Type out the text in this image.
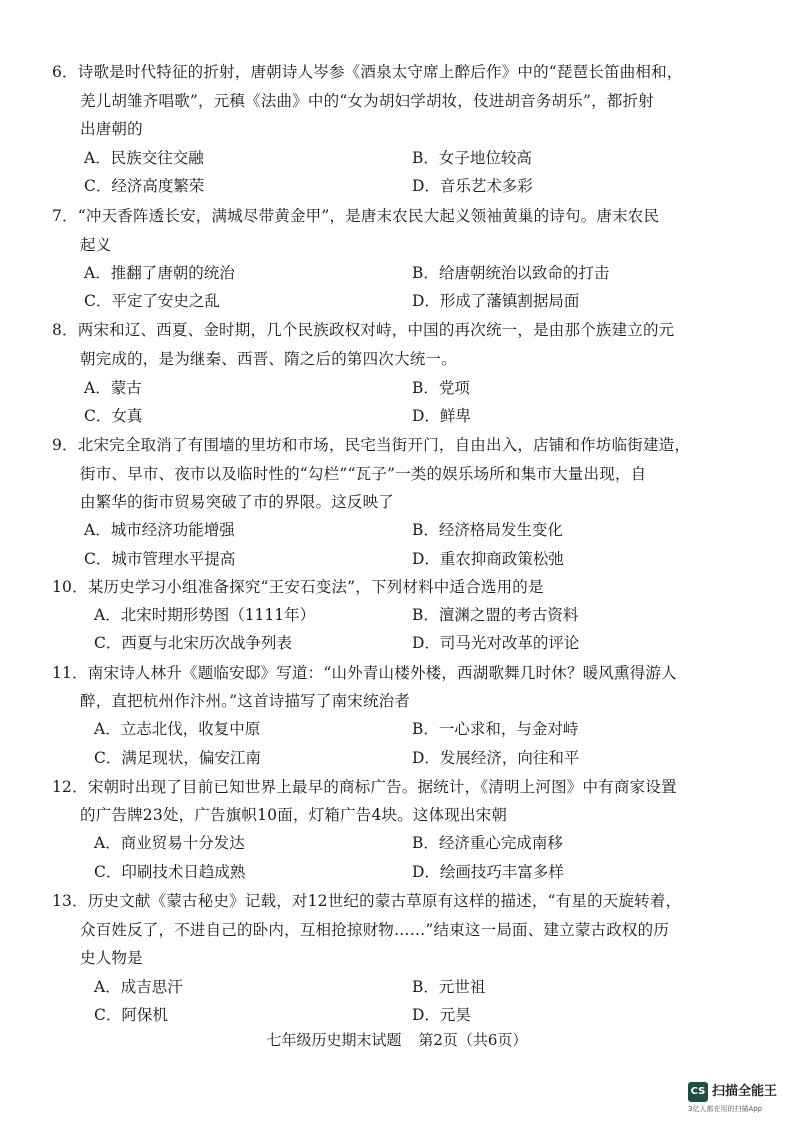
6．诗歌是时代特征的折射，唐朝诗人岑参《酒泉太守席上醉后作》中的“琵琶长笛曲相和，
羌儿胡雏齐唱歌”，元稹《法曲》中的“女为胡妇学胡妆，伎进胡音务胡乐”，都折射
出唐朝的
A．民族交往交融	B．女子地位较高
C．经济高度繁荣	D．音乐艺术多彩
7．“冲天香阵透长安，满城尽带黄金甲”，是唐末农民大起义领袖黄巢的诗句。唐末农民
起义
A．推翻了唐朝的统治	B．给唐朝统治以致命的打击
C．平定了安史之乱	D．形成了藩镇割据局面
8．两宋和辽、西夏、金时期，几个民族政权对峙，中国的再次统一，是由那个族建立的元
朝完成的，是为继秦、西晋、隋之后的第四次大统一。
A．蒙古	B．党项
C．女真	D．鲜卑
9．北宋完全取消了有围墙的里坊和市场，民宅当街开门，自由出入，店铺和作坊临街建造，
街市、早市、夜市以及临时性的“勾栏”“瓦子”一类的娱乐场所和集市大量出现，自
由繁华的街市贸易突破了市的界限。这反映了
A．城市经济功能增强	B．经济格局发生变化
C．城市管理水平提高	D．重农抑商政策松弛
10．某历史学习小组准备探究“王安石变法”，下列材料中适合选用的是
A．北宋时期形势图（1111年）	B．澶渊之盟的考古资料
C．西夏与北宋历次战争列表	D．司马光对改革的评论
11．南宋诗人林升《题临安邸》写道：“山外青山楼外楼，西湖歌舞几时休？暖风熏得游人
醉，直把杭州作汴州。”这首诗描写了南宋统治者
A．立志北伐，收复中原	B．一心求和，与金对峙
C．满足现状，偏安江南	D．发展经济，向往和平
12．宋朝时出现了目前已知世界上最早的商标广告。据统计，《清明上河图》中有商家设置
的广告牌23处，广告旗帜10面，灯箱广告4块。这体现出宋朝
A．商业贸易十分发达	B．经济重心完成南移
C．印刷技术日趋成熟	D．绘画技巧丰富多样
13．历史文献《蒙古秘史》记载，对12世纪的蒙古草原有这样的描述，“有星的天旋转着，
众百姓反了，不进自己的卧内，互相抢掠财物……”结束这一局面、建立蒙古政权的历
史人物是
A．成吉思汗	B．元世祖
C．阿保机	D．元昊
七年级历史期末试题 第2页（共6页）
CS 扫描全能王
3亿人都在用的扫描App
